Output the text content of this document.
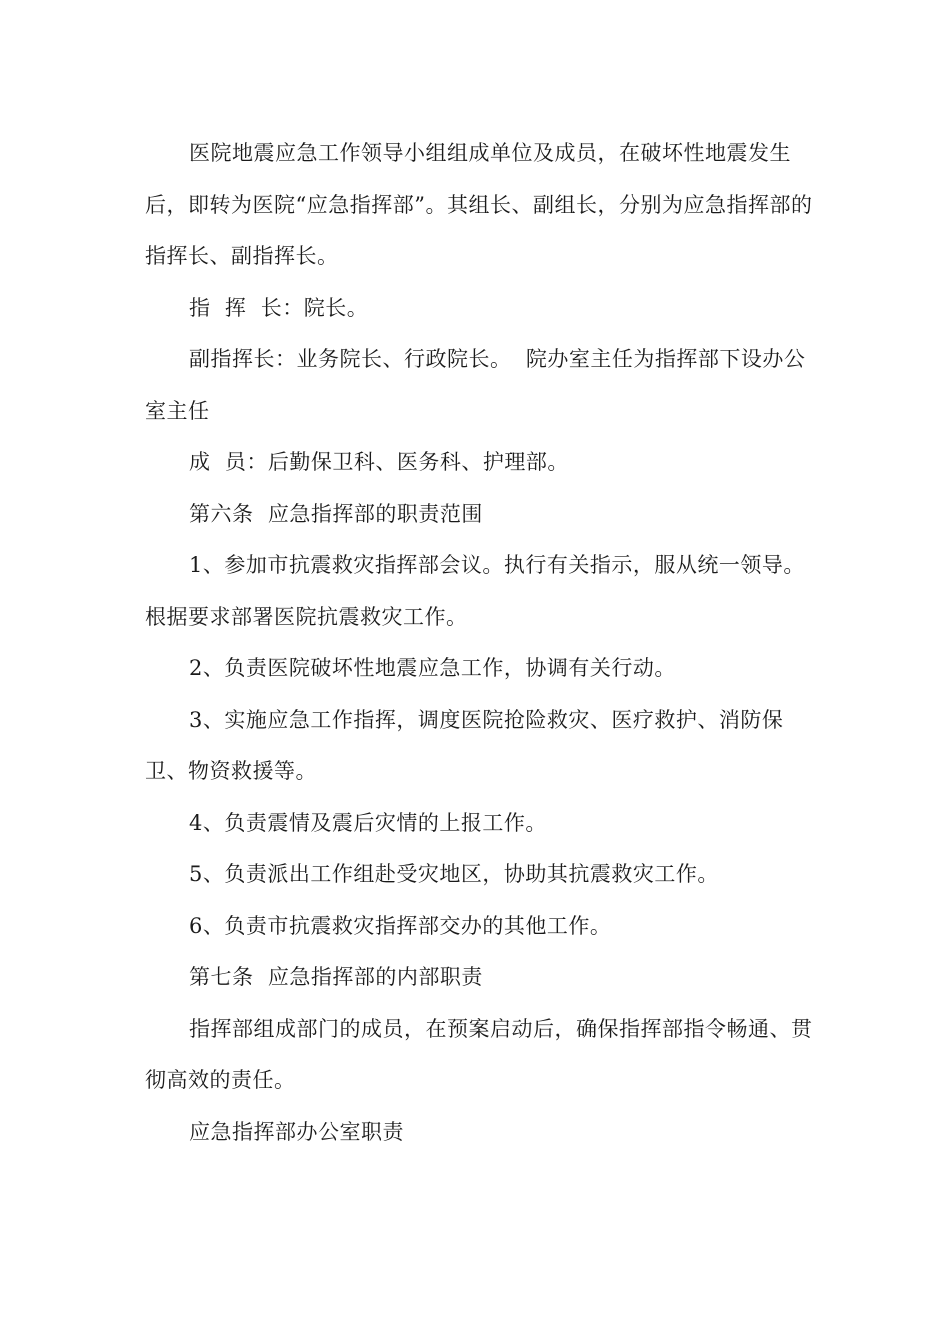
医院地震应急工作领导小组组成单位及成员，在破坏性地震发生后，即转为医院“应急指挥部”。其组长、副组长，分别为应急指挥部的指挥长、副指挥长。

指  挥  长：院长。

副指挥长：业务院长、行政院长。  院办室主任为指挥部下设办公室主任

成  员：后勤保卫科、医务科、护理部。

第六条  应急指挥部的职责范围

1、参加市抗震救灾指挥部会议。执行有关指示，服从统一领导。根据要求部署医院抗震救灾工作。

2、负责医院破坏性地震应急工作，协调有关行动。

3、实施应急工作指挥，调度医院抢险救灾、医疗救护、消防保卫、物资救援等。

4、负责震情及震后灾情的上报工作。

5、负责派出工作组赴受灾地区，协助其抗震救灾工作。

6、负责市抗震救灾指挥部交办的其他工作。

第七条  应急指挥部的内部职责

指挥部组成部门的成员，在预案启动后，确保指挥部指令畅通、贯彻高效的责任。

应急指挥部办公室职责
